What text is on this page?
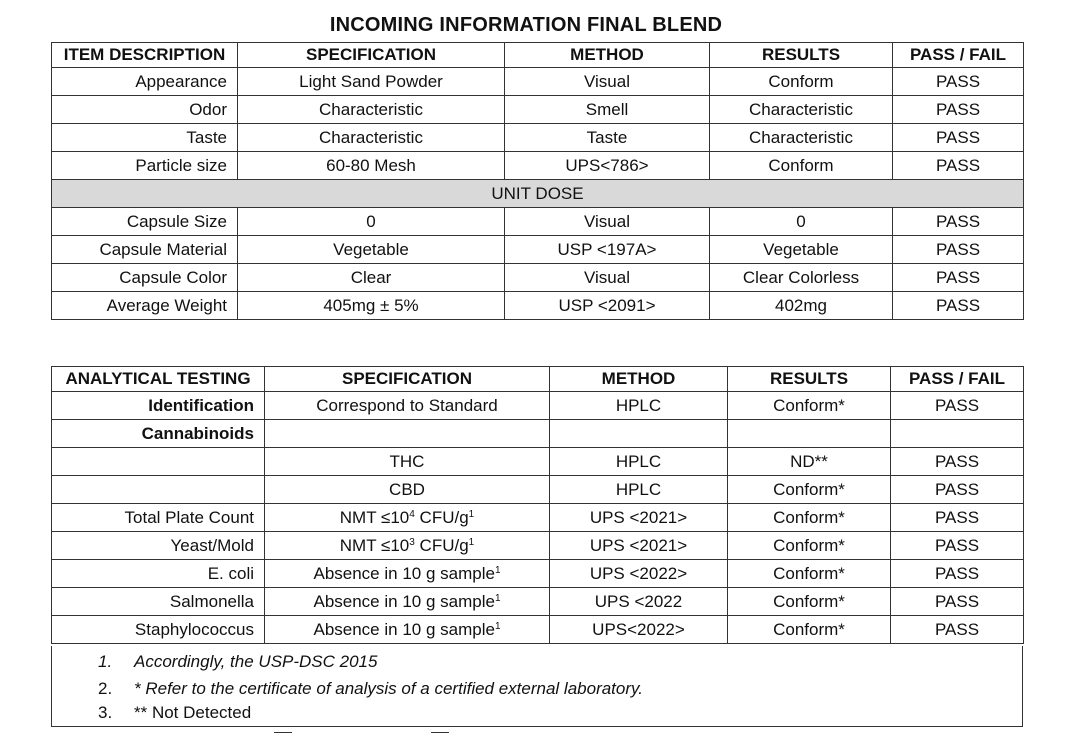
INCOMING INFORMATION FINAL BLEND
ITEM DESCRIPTION	SPECIFICATION	METHOD	RESULTS	PASS / FAIL
Appearance	Light Sand Powder	Visual	Conform	PASS
Odor	Characteristic	Smell	Characteristic	PASS
Taste	Characteristic	Taste	Characteristic	PASS
Particle size	60-80 Mesh	UPS<786>	Conform	PASS
UNIT DOSE				
Capsule Size	0	Visual	0	PASS
Capsule Material	Vegetable	USP <197A>	Vegetable	PASS
Capsule Color	Clear	Visual	Clear Colorless	PASS
Average Weight	405mg ± 5%	USP <2091>	402mg	PASS
ANALYTICAL TESTING	SPECIFICATION	METHOD	RESULTS	PASS / FAIL
Identification	Correspond to Standard	HPLC	Conform*	PASS
Cannabinoids				
	THC	HPLC	ND**	PASS
	CBD	HPLC	Conform*	PASS
Total Plate Count	NMT $\le 10^4$ CFU/$g^1$	UPS <2021>	Conform*	PASS
Yeast/Mold	NMT $\le 10^3$ CFU/$g^1$	UPS <2021>	Conform*	PASS
E. coli	Absence in 10 g sample$^1$	UPS <2022>	Conform*	PASS
Salmonella	Absence in 10 g sample$^1$	UPS <2022	Conform*	PASS
Staphylococcus	Absence in 10 g sample$^1$	UPS<2022>	Conform*	PASS
1. Accordingly, the USP-DSC 2015
2. * Refer to the certificate of analysis of a certified external laboratory.
3. ** Not Detected
